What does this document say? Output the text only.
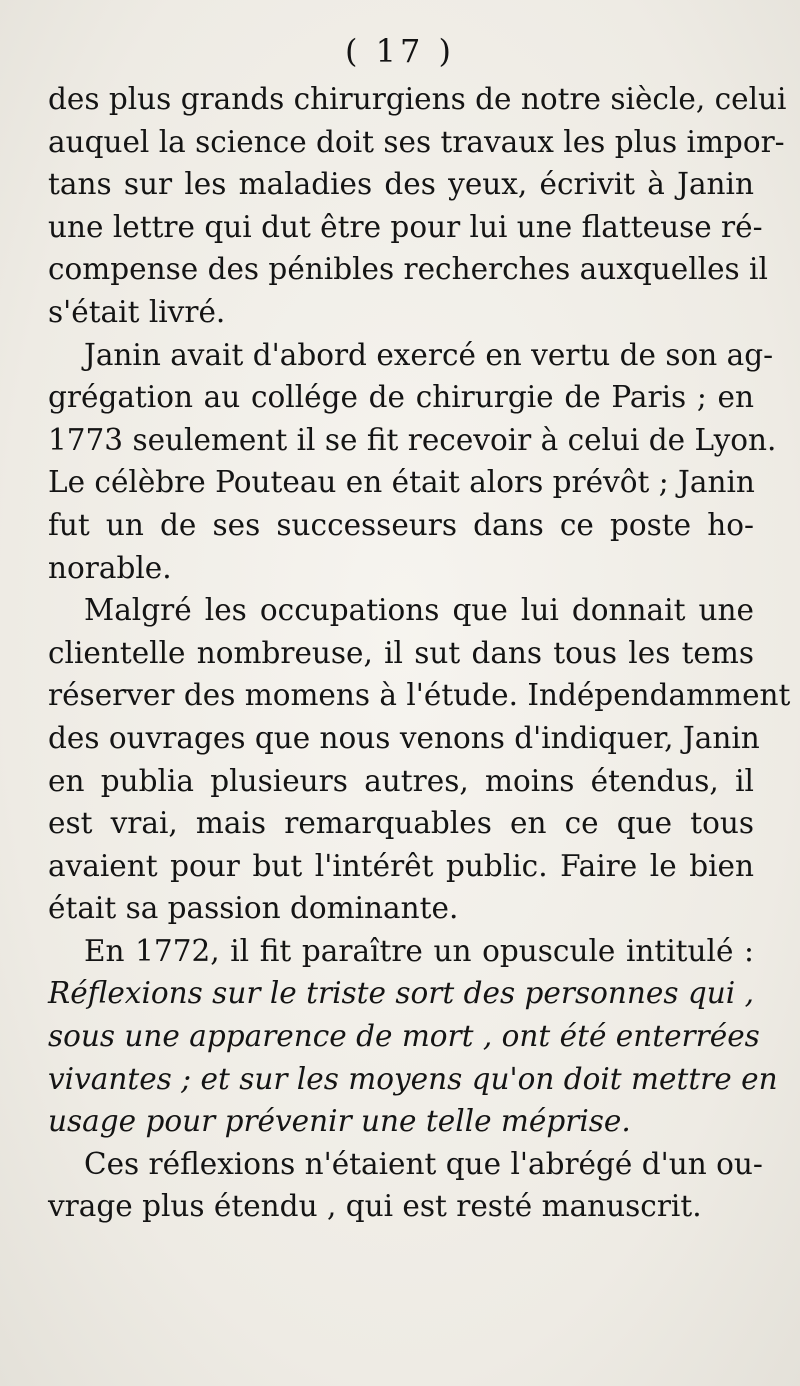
( 17 )
des plus grands chirurgiens de notre siècle, celui
auquel la science doit ses travaux les plus impor-
tans sur les maladies des yeux, écrivit à Janin
une lettre qui dut être pour lui une flatteuse ré-
compense des pénibles recherches auxquelles il
s'était livré.
Janin avait d'abord exercé en vertu de son ag-
grégation au collége de chirurgie de Paris ; en
1773 seulement il se fit recevoir à celui de Lyon.
Le célèbre Pouteau en était alors prévôt ; Janin
fut un de ses successeurs dans ce poste ho-
norable.
Malgré les occupations que lui donnait une
clientelle nombreuse, il sut dans tous les tems
réserver des momens à l'étude. Indépendamment
des ouvrages que nous venons d'indiquer, Janin
en publia plusieurs autres, moins étendus, il
est vrai, mais remarquables en ce que tous
avaient pour but l'intérêt public. Faire le bien
était sa passion dominante.
En 1772, il fit paraître un opuscule intitulé :
Réflexions sur le triste sort des personnes qui ,
sous une apparence de mort , ont été enterrées
vivantes ; et sur les moyens qu'on doit mettre en
usage pour prévenir une telle méprise.
Ces réflexions n'étaient que l'abrégé d'un ou-
vrage plus étendu , qui est resté manuscrit.
